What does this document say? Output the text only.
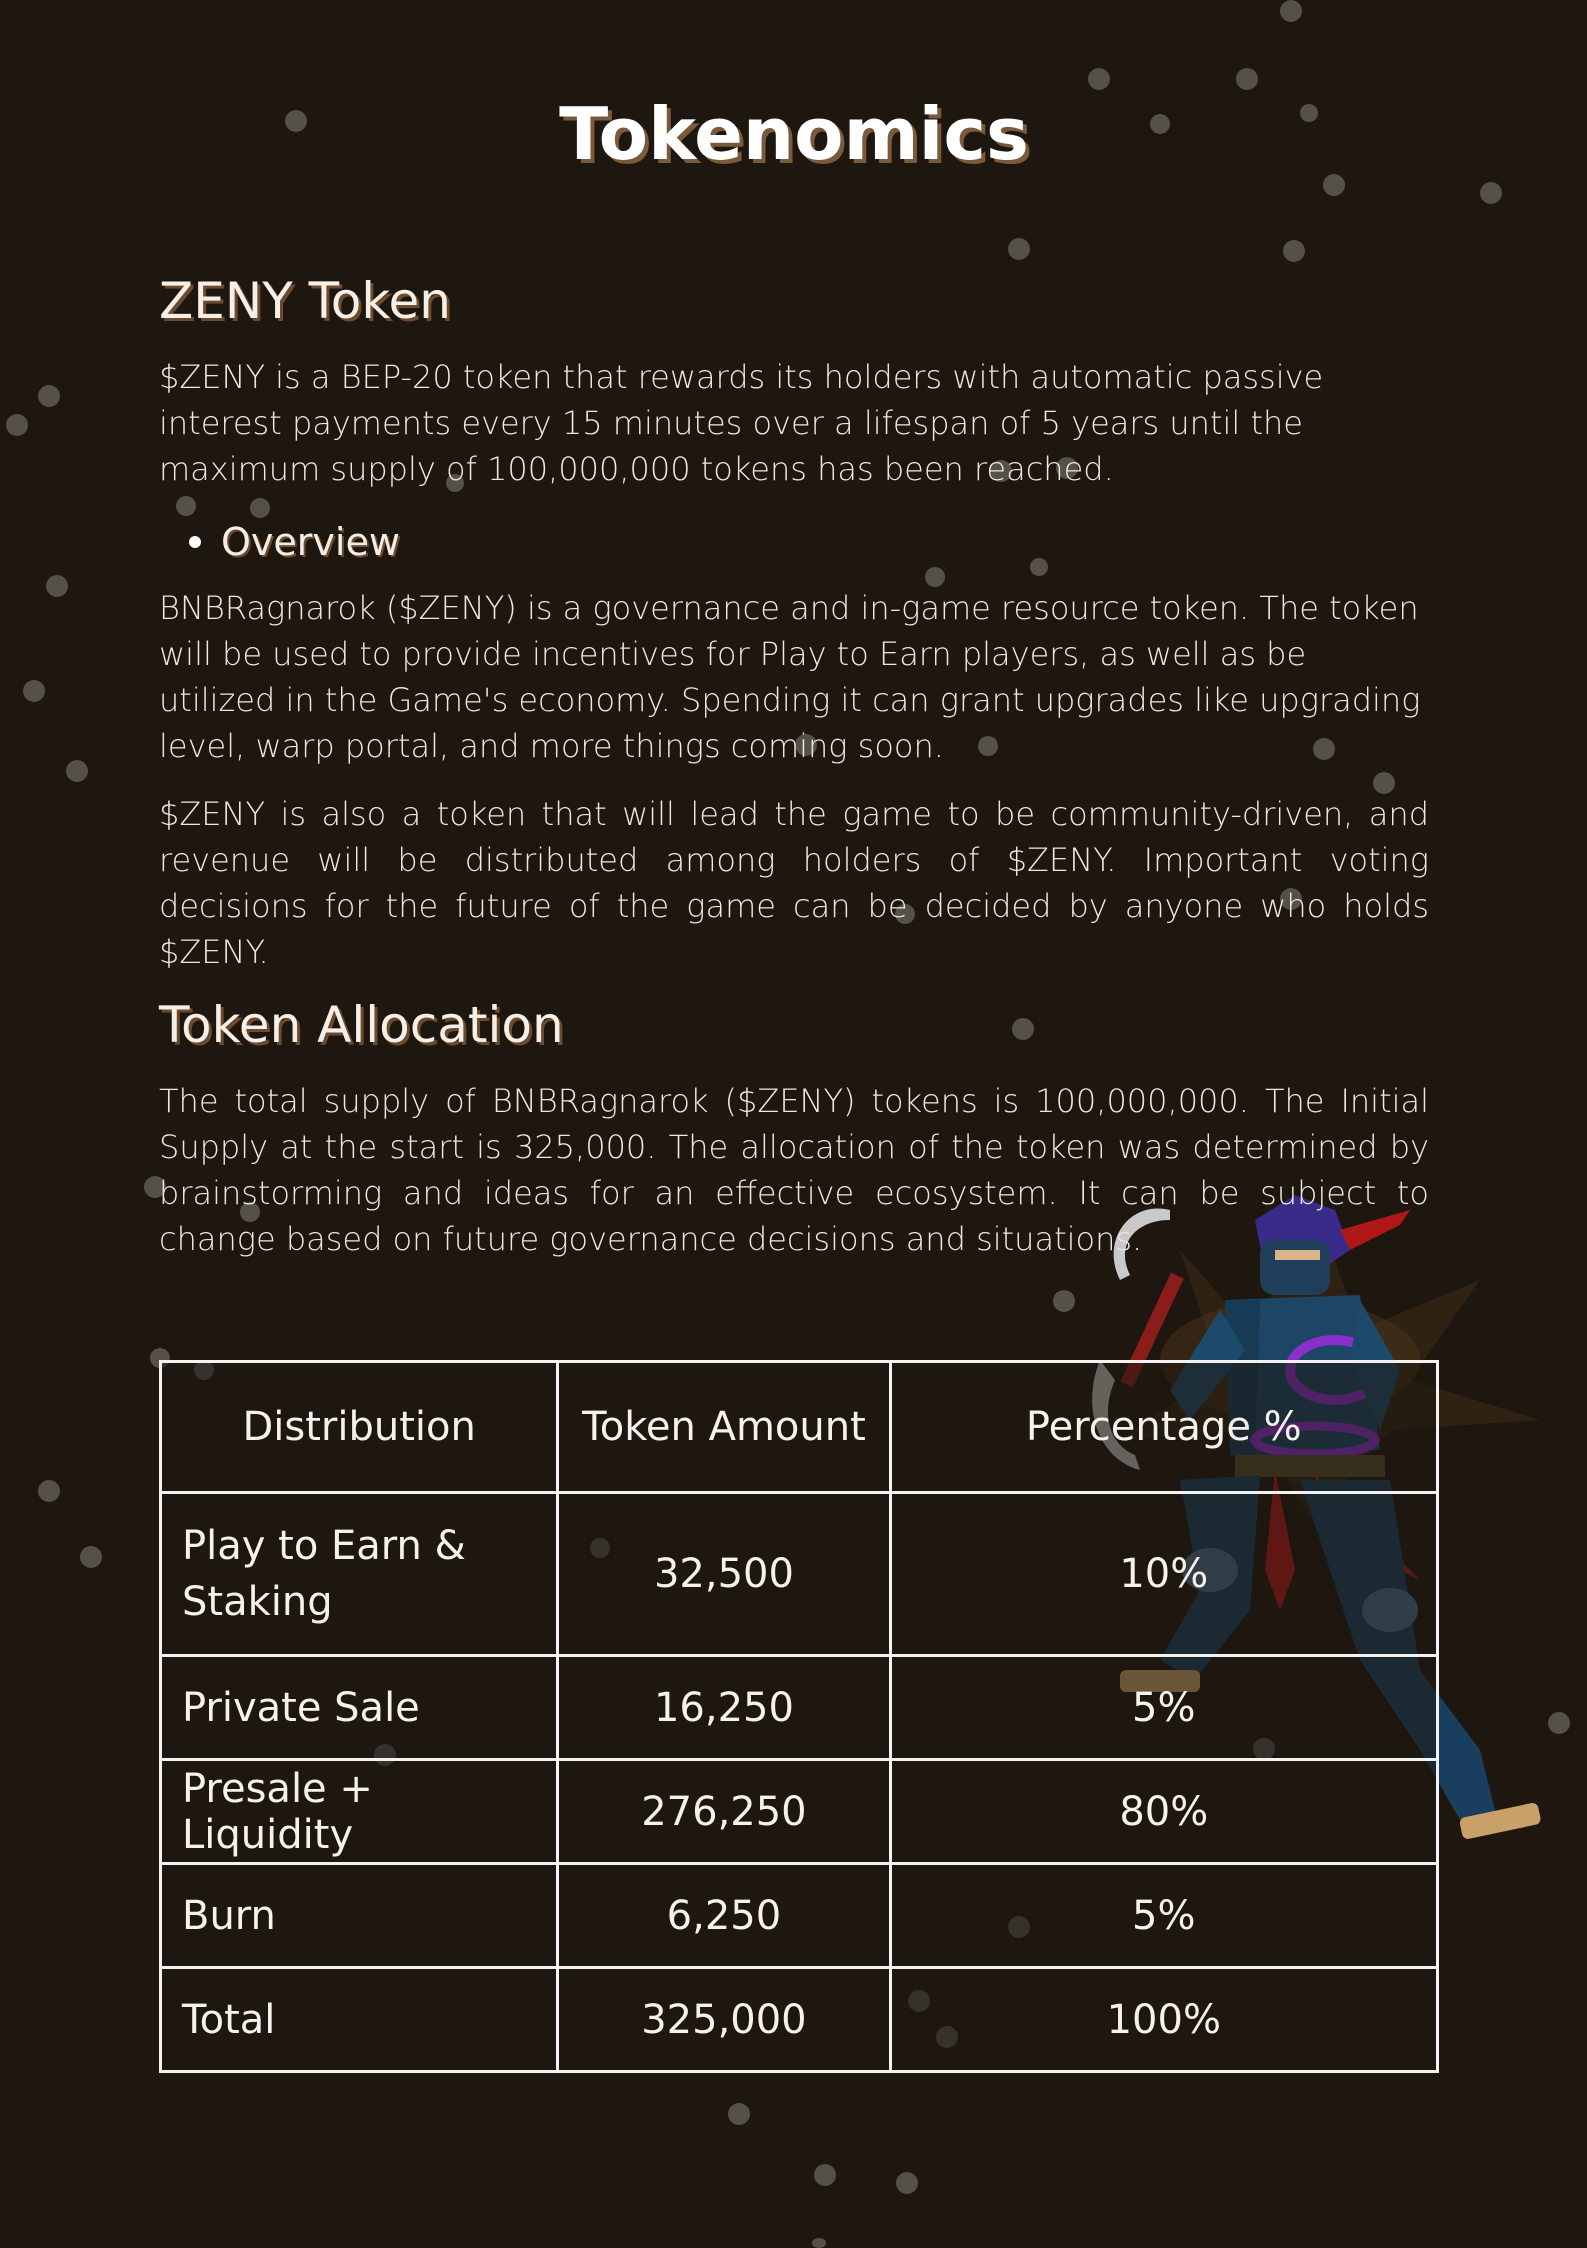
Tokenomics
ZENY Token

$ZENY is a BEP-20 token that rewards its holders with automatic passive interest payments every 15 minutes over a lifespan of 5 years until the maximum supply of 100,000,000 tokens has been reached.

Overview

BNBRagnarok ($ZENY) is a governance and in-game resource token. The token will be used to provide incentives for Play to Earn players, as well as be utilized in the Game's economy. Spending it can grant upgrades like upgrading level, warp portal, and more things coming soon.

$ZENY is also a token that will lead the game to be community-driven, and revenue will be distributed among holders of $ZENY. Important voting decisions for the future of the game can be decided by anyone who holds $ZENY.

Token Allocation

The total supply of BNBRagnarok ($ZENY) tokens is 100,000,000. The Initial Supply at the start is 325,000. The allocation of the token was determined by brainstorming and ideas for an effective ecosystem. It can be subject to change based on future governance decisions and situations.

Distribution	Token Amount	Percentage %
Play to Earn & Staking	32,500	10%
Private Sale	16,250	5%
Presale + Liquidity	276,250	80%
Burn	6,250	5%
Total	325,000	100%
